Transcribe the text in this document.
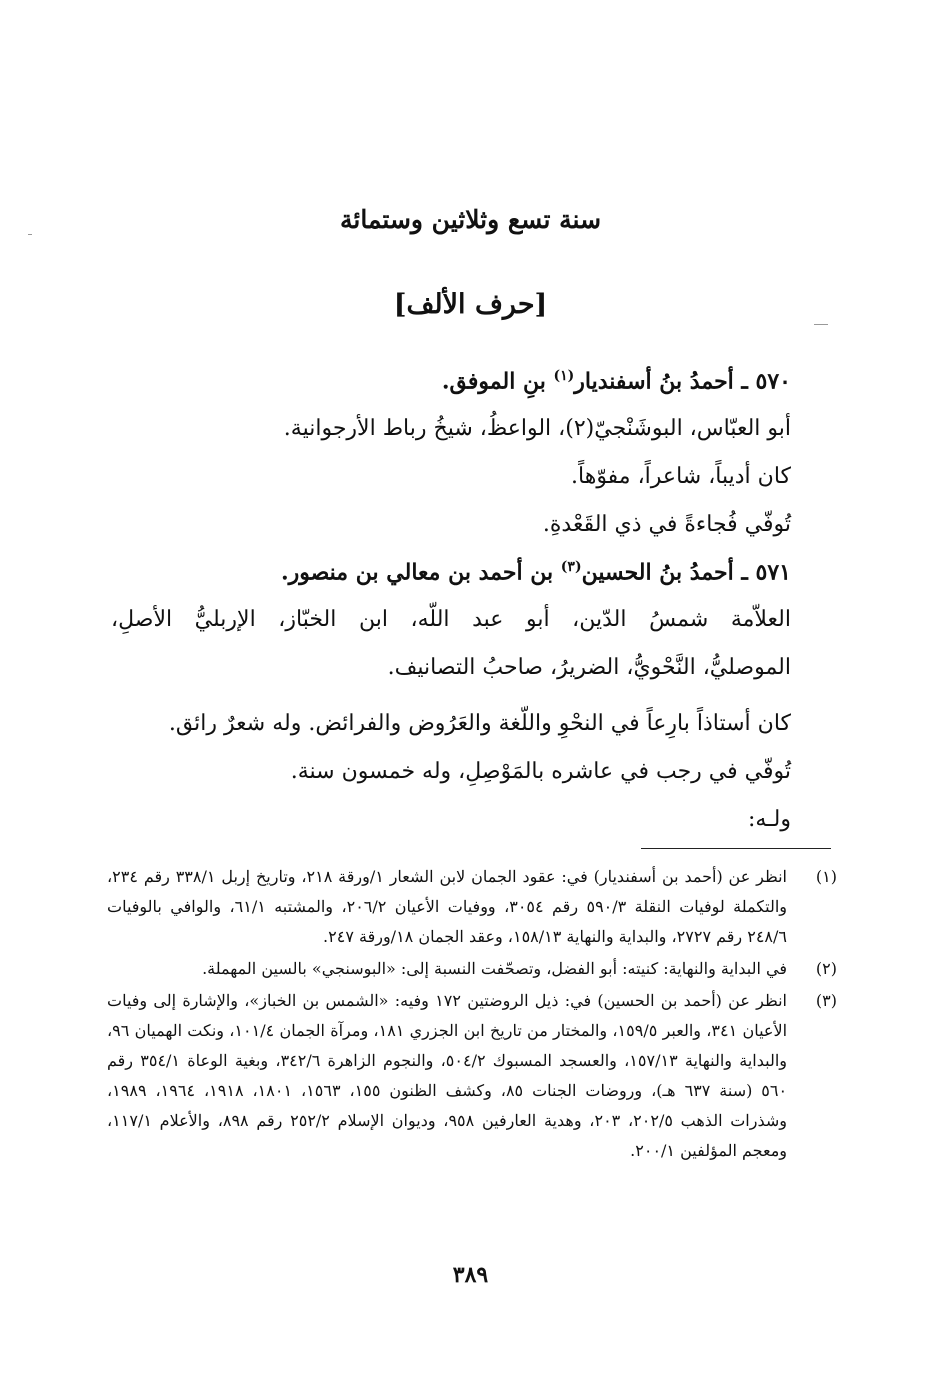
سنة تسع وثلاثين وستمائة
[حرف الألف]
٥٧٠ ـ أحمدُ بنُ أسفنديار$^{(١)}$ بنِ الموفق.
أبو العبّاس، البوشَنْجيّ(٢)، الواعظُ، شيخُ رباط الأرجوانية.
كان أديباً، شاعراً، مفوّهاً.
تُوفّي فُجاءةً في ذي القَعْدةِ.
٥٧١ ـ أحمدُ بنُ الحسين$^{(٣)}$ بن أحمد بن معالي بن منصور.
العلاّمة شمسُ الدّين، أبو عبد اللّه، ابن الخبّاز، الإربليُّ الأصلِ،
الموصليُّ، النَّحْويُّ، الضريرُ، صاحبُ التصانيف.
كان أستاذاً بارِعاً في النحْوِ واللّغة والعَرُوض والفرائض. وله شعرٌ رائق.
تُوفّي في رجب في عاشره بالمَوْصِلِ، وله خمسون سنة.
ولـه:
(١)
انظر عن (أحمد بن أسفنديار) في: عقود الجمان لابن الشعار ١/ورقة ٢١٨، وتاريخ إربل ٣٣٨/١ رقم ٢٣٤، والتكملة لوفيات النقلة ٥٩٠/٣ رقم ٣٠٥٤، ووفيات الأعيان ٢٠٦/٢، والمشتبه ٦١/١، والوافي بالوفيات ٢٤٨/٦ رقم ٢٧٢٧، والبداية والنهاية ١٥٨/١٣، وعقد الجمان ١٨/ورقة ٢٤٧.
(٢)
في البداية والنهاية: كنيته: أبو الفضل، وتصحّفت النسبة إلى: «البوسنجي» بالسين المهملة.
(٣)
انظر عن (أحمد بن الحسين) في: ذيل الروضتين ١٧٢ وفيه: «الشمس بن الخباز»، والإشارة إلى وفيات الأعيان ٣٤١، والعبر ١٥٩/٥، والمختار من تاريخ ابن الجزري ١٨١، ومرآة الجمان ١٠١/٤، ونكت الهميان ٩٦، والبداية والنهاية ١٥٧/١٣، والعسجد المسبوك ٥٠٤/٢، والنجوم الزاهرة ٣٤٢/٦، وبغية الوعاة ٣٥٤/١ رقم ٥٦٠ (سنة ٦٣٧ هـ)، وروضات الجنات ٨٥، وكشف الظنون ١٥٥، ١٥٦٣، ١٨٠١، ١٩١٨، ١٩٦٤، ١٩٨٩، وشذرات الذهب ٢٠٢/٥، ٢٠٣، وهدية العارفين ٩٥٨، وديوان الإسلام ٢٥٢/٢ رقم ٨٩٨، والأعلام ١١٧/١، ومعجم المؤلفين ٢٠٠/١.
٣٨٩
